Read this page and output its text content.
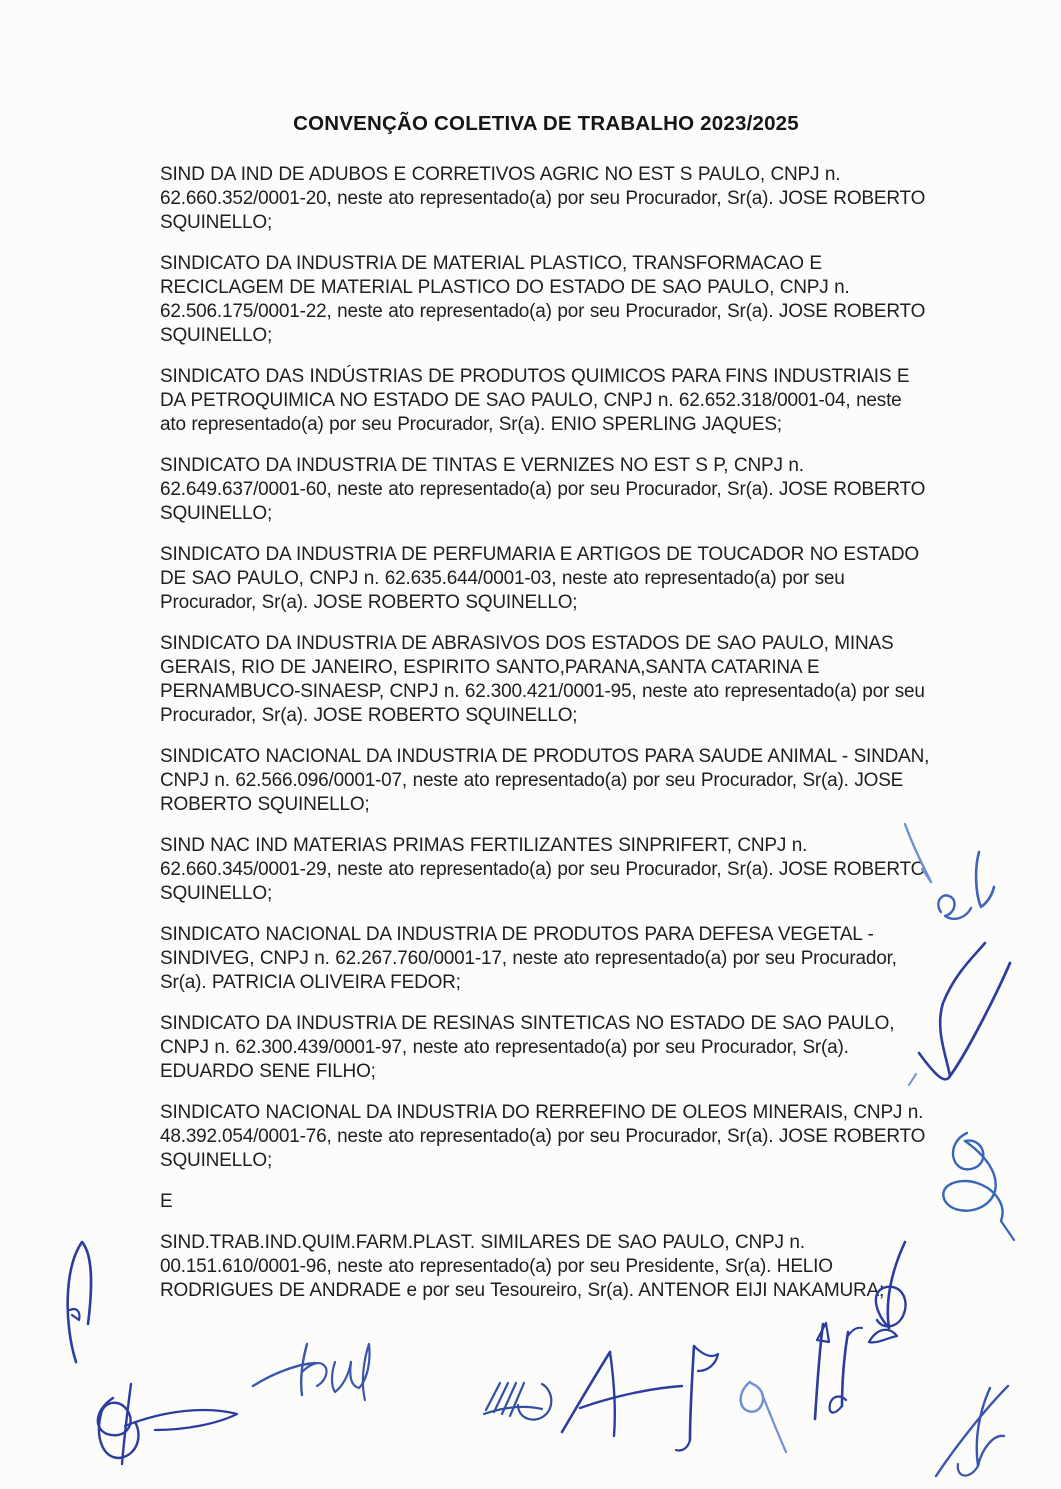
CONVENÇÃO COLETIVA DE TRABALHO 2023/2025

SIND DA IND DE ADUBOS E CORRETIVOS AGRIC NO EST S PAULO, CNPJ n. 62.660.352/0001-20, neste ato representado(a) por seu Procurador, Sr(a). JOSE ROBERTO SQUINELLO;

SINDICATO DA INDUSTRIA DE MATERIAL PLASTICO, TRANSFORMACAO E RECICLAGEM DE MATERIAL PLASTICO DO ESTADO DE SAO PAULO, CNPJ n. 62.506.175/0001-22, neste ato representado(a) por seu Procurador, Sr(a). JOSE ROBERTO SQUINELLO;

SINDICATO DAS INDÚSTRIAS DE PRODUTOS QUIMICOS PARA FINS INDUSTRIAIS E DA PETROQUIMICA NO ESTADO DE SAO PAULO, CNPJ n. 62.652.318/0001-04, neste ato representado(a) por seu Procurador, Sr(a). ENIO SPERLING JAQUES;

SINDICATO DA INDUSTRIA DE TINTAS E VERNIZES NO EST S P, CNPJ n. 62.649.637/0001-60, neste ato representado(a) por seu Procurador, Sr(a). JOSE ROBERTO SQUINELLO;

SINDICATO DA INDUSTRIA DE PERFUMARIA E ARTIGOS DE TOUCADOR NO ESTADO DE SAO PAULO, CNPJ n. 62.635.644/0001-03, neste ato representado(a) por seu Procurador, Sr(a). JOSE ROBERTO SQUINELLO;

SINDICATO DA INDUSTRIA DE ABRASIVOS DOS ESTADOS DE SAO PAULO, MINAS GERAIS, RIO DE JANEIRO, ESPIRITO SANTO,PARANA,SANTA CATARINA E PERNAMBUCO-SINAESP, CNPJ n. 62.300.421/0001-95, neste ato representado(a) por seu Procurador, Sr(a). JOSE ROBERTO SQUINELLO;

SINDICATO NACIONAL DA INDUSTRIA DE PRODUTOS PARA SAUDE ANIMAL - SINDAN, CNPJ n. 62.566.096/0001-07, neste ato representado(a) por seu Procurador, Sr(a). JOSE ROBERTO SQUINELLO;

SIND NAC IND MATERIAS PRIMAS FERTILIZANTES SINPRIFERT, CNPJ n. 62.660.345/0001-29, neste ato representado(a) por seu Procurador, Sr(a). JOSE ROBERTO SQUINELLO;

SINDICATO NACIONAL DA INDUSTRIA DE PRODUTOS PARA DEFESA VEGETAL - SINDIVEG, CNPJ n. 62.267.760/0001-17, neste ato representado(a) por seu Procurador, Sr(a). PATRICIA OLIVEIRA FEDOR;

SINDICATO DA INDUSTRIA DE RESINAS SINTETICAS NO ESTADO DE SAO PAULO, CNPJ n. 62.300.439/0001-97, neste ato representado(a) por seu Procurador, Sr(a). EDUARDO SENE FILHO;

SINDICATO NACIONAL DA INDUSTRIA DO RERREFINO DE OLEOS MINERAIS, CNPJ n. 48.392.054/0001-76, neste ato representado(a) por seu Procurador, Sr(a). JOSE ROBERTO SQUINELLO;

E

SIND.TRAB.IND.QUIM.FARM.PLAST. SIMILARES DE SAO PAULO, CNPJ n. 00.151.610/0001-96, neste ato representado(a) por seu Presidente, Sr(a). HELIO RODRIGUES DE ANDRADE e por seu Tesoureiro, Sr(a). ANTENOR EIJI NAKAMURA;
